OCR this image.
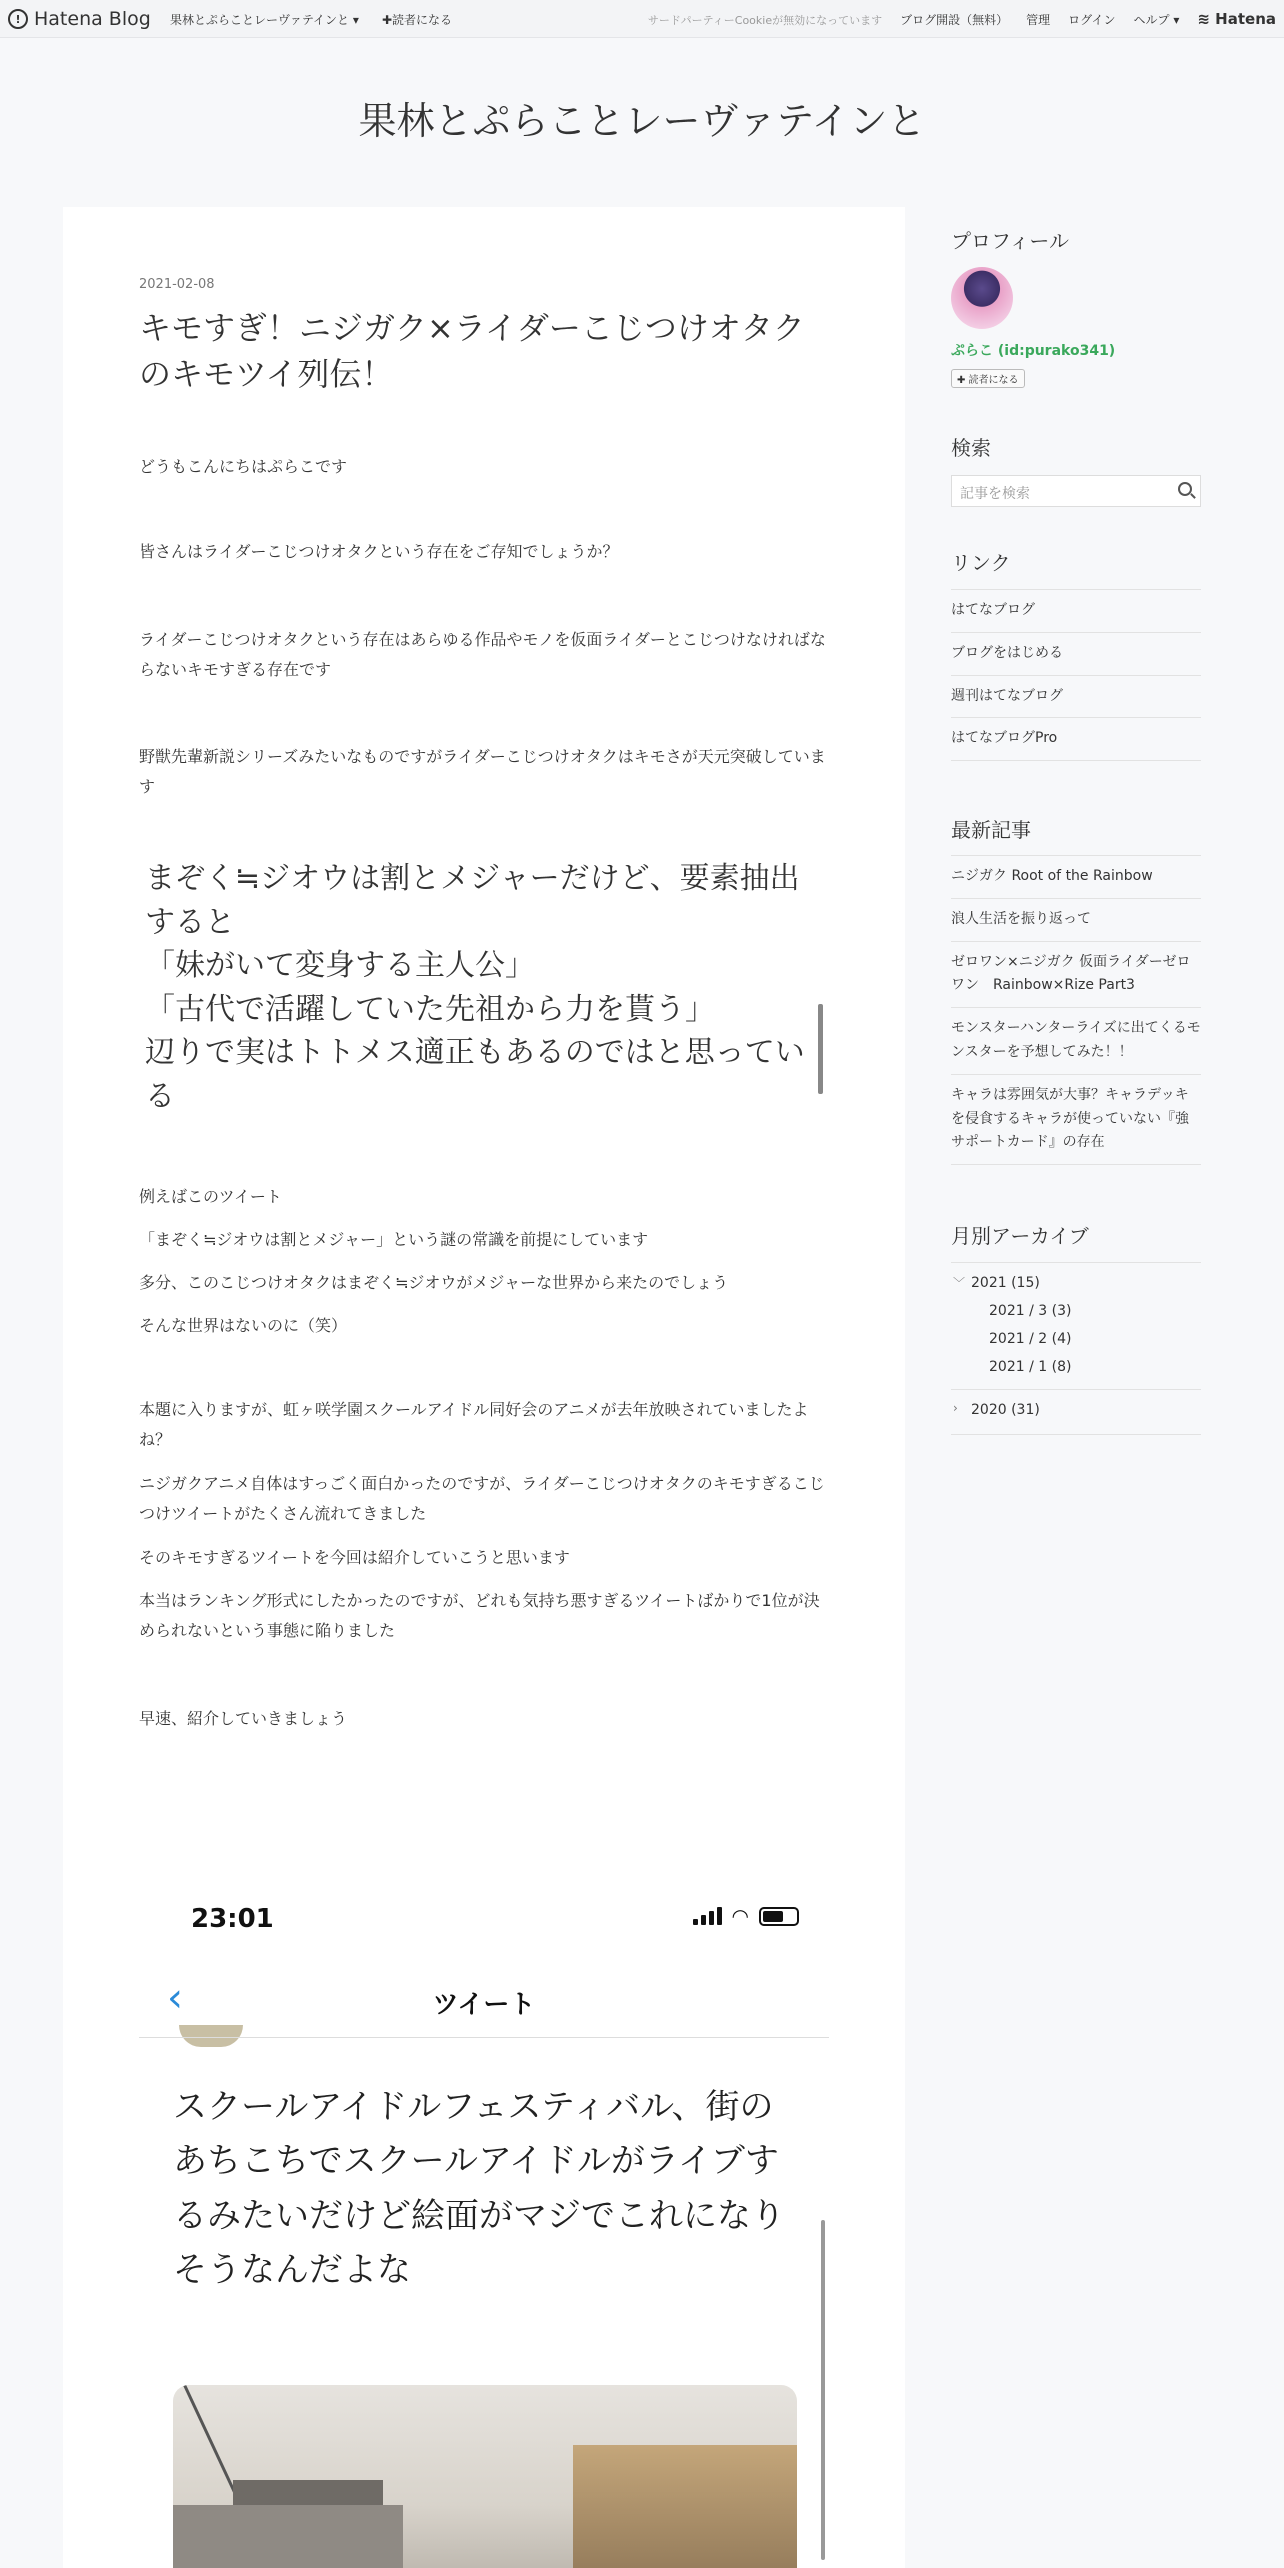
! Hatena Blog 果林とぷらことレーヴァテインと ▾ ✚読者になる	サードパーティーCookieが無効になっています ブログ開設（無料） 管理 ログイン ヘルプ ▾ ≋ Hatena
果林とぷらことレーヴァテインと
2021-02-08
キモすぎ！ニジガク×ライダーこじつけオタクのキモツイ列伝！

どうもこんにちはぷらこです

皆さんはライダーこじつけオタクという存在をご存知でしょうか？

ライダーこじつけオタクという存在はあらゆる作品やモノを仮面ライダーとこじつけなければならないキモすぎる存在です

野獣先輩新説シリーズみたいなものですがライダーこじつけオタクはキモさが天元突破しています

まぞく≒ジオウは割とメジャーだけど、要素抽出すると
「妹がいて変身する主人公」
「古代で活躍していた先祖から力を貰う」
辺りで実はトトメス適正もあるのではと思っている

例えばこのツイート

「まぞく≒ジオウは割とメジャー」という謎の常識を前提にしています

多分、このこじつけオタクはまぞく≒ジオウがメジャーな世界から来たのでしょう

そんな世界はないのに（笑）

本題に入りますが、虹ヶ咲学園スクールアイドル同好会のアニメが去年放映されていましたよね？

ニジガクアニメ自体はすっごく面白かったのですが、ライダーこじつけオタクのキモすぎるこじつけツイートがたくさん流れてきました

そのキモすぎるツイートを今回は紹介していこうと思います

本当はランキング形式にしたかったのですが、どれも気持ち悪すぎるツイートばかりで1位が決められないという事態に陥りました

早速、紹介していきましょう

23:01	◠
‹	ツイート
スクールアイドルフェスティバル、街のあちこちでスクールアイドルがライブするみたいだけど絵面がマジでこれになりそうなんだよな
プロフィール
ぷらこ (id:purako341)
✚ 読者になる
検索
記事を検索
リンク
はてなブログ
ブログをはじめる
週刊はてなブログ
はてなブログPro
最新記事
ニジガク Root of the Rainbow
浪人生活を振り返って
ゼロワン×ニジガク 仮面ライダーゼロワン　Rainbow×Rize Part3
モンスターハンターライズに出てくるモンスターを予想してみた！！
キャラは雰囲気が大事？キャラデッキを侵食するキャラが使っていない『強サポートカード』の存在
月別アーカイブ
﹀ 2021 (15)
2021 / 3 (3)
2021 / 2 (4)
2021 / 1 (8)
› 2020 (31)
